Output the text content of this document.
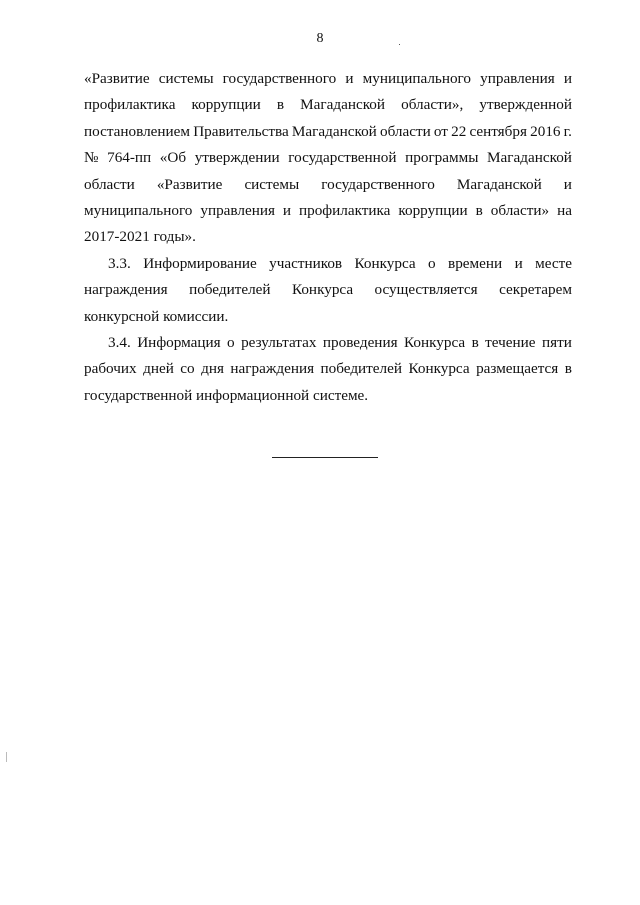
8
«Развитие системы государственного и муниципального управления и
профилактика коррупции в Магаданской области», утвержденной
постановлением Правительства Магаданской области от 22 сентября 2016 г.
№ 764-пп «Об утверждении государственной программы Магаданской
области «Развитие системы государственного Магаданской и
муниципального управления и профилактика коррупции в области» на
2017-2021 годы».
3.3. Информирование участников Конкурса о времени и месте
награждения победителей Конкурса осуществляется секретарем
конкурсной комиссии.
3.4. Информация о результатах проведения Конкурса в течение пяти
рабочих дней со дня награждения победителей Конкурса размещается в
государственной информационной системе.
